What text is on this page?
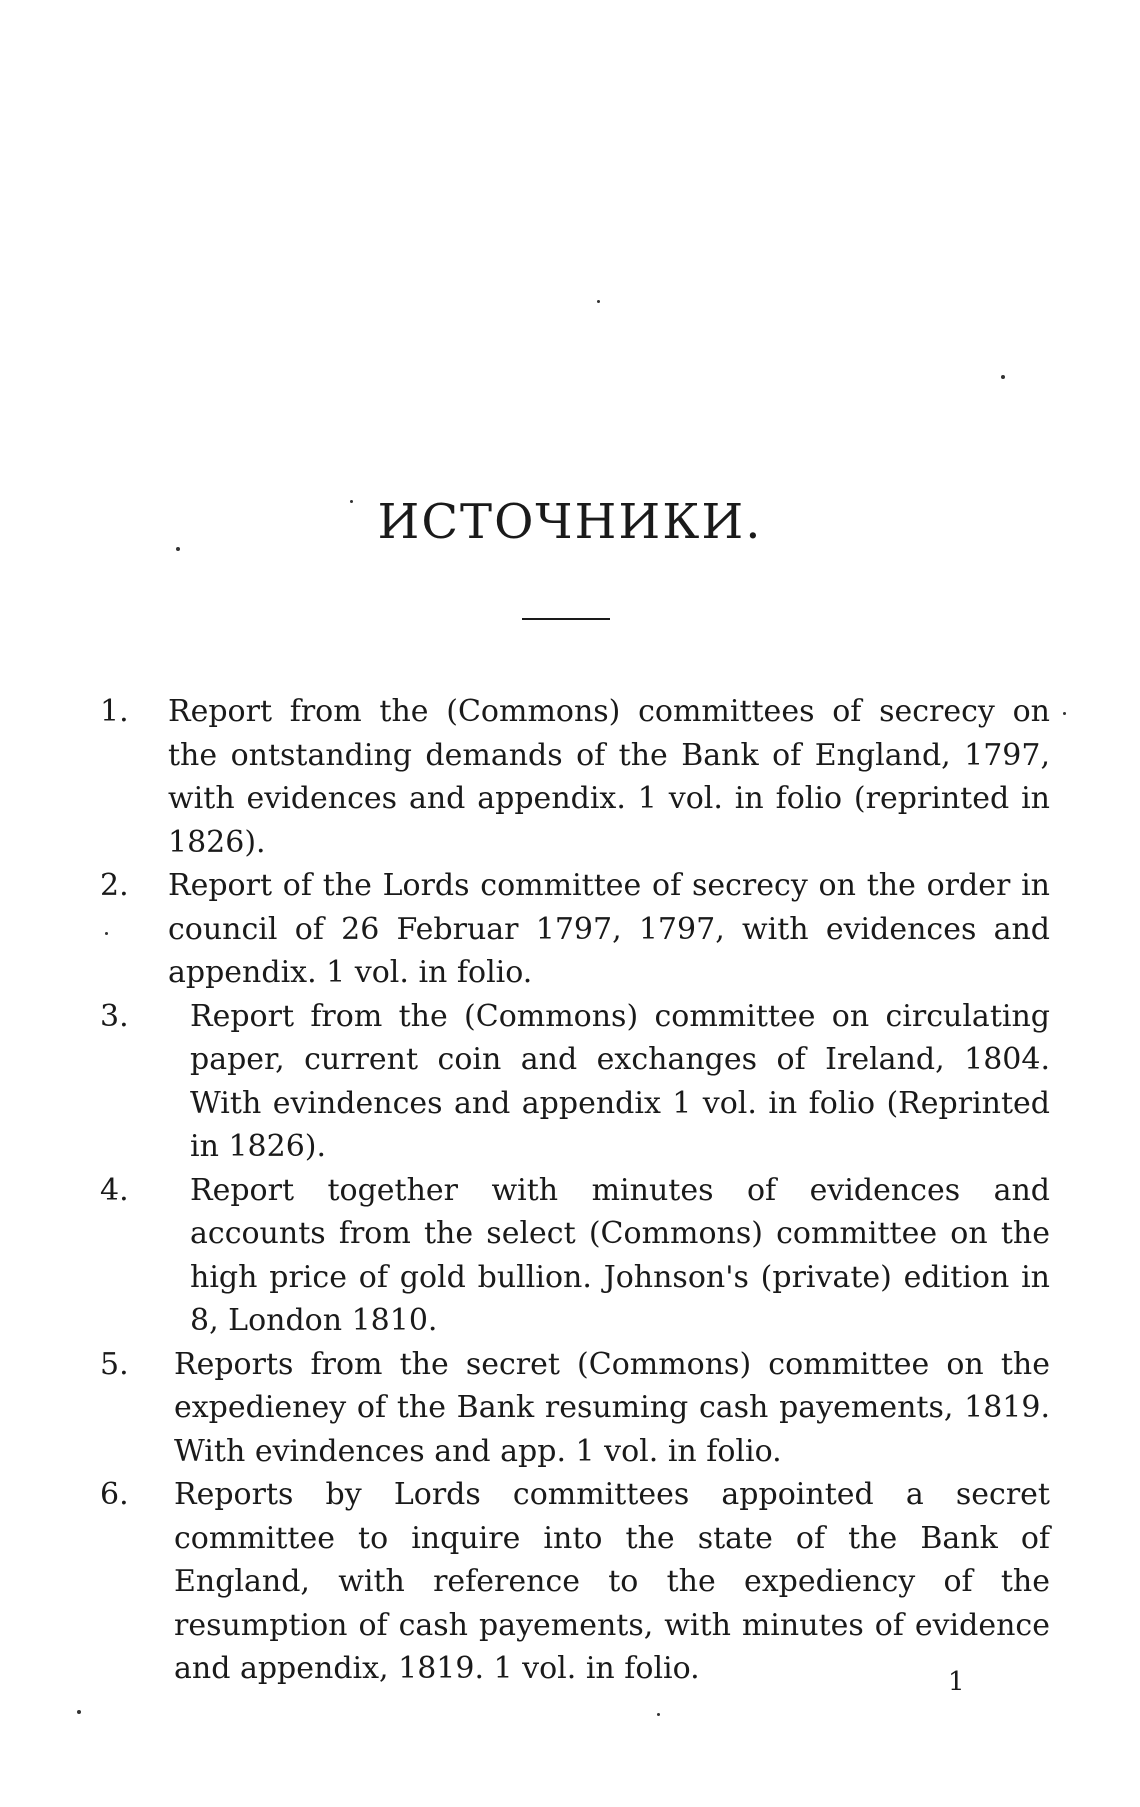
ИСТОЧНИКИ.
1.	Report from the (Commons) committees of secrecy on the ontstanding demands of the Bank of England, 1797, with evidences and appendix. 1 vol. in folio (reprinted in 1826).
2.	Report of the Lords committee of secrecy on the order in council of 26 Februar 1797, 1797, with evidences and appendix. 1 vol. in folio.
3.	Report from the (Commons) committee on circulating paper, current coin and exchanges of Ireland, 1804. With evindences and appendix 1 vol. in folio (Reprinted in 1826).
4.	Report together with minutes of evidences and accounts from the select (Commons) committee on the high price of gold bullion. Johnson's (private) edition in 8, London 1810.
5.	Reports from the secret (Commons) committee on the expedieney of the Bank resuming cash payements, 1819. With evindences and app. 1 vol. in folio.
6.	Reports by Lords committees appointed a secret committee to inquire into the state of the Bank of England, with reference to the expediency of the resumption of cash payements, with minutes of evidence and appendix, 1819. 1 vol. in folio.	1
